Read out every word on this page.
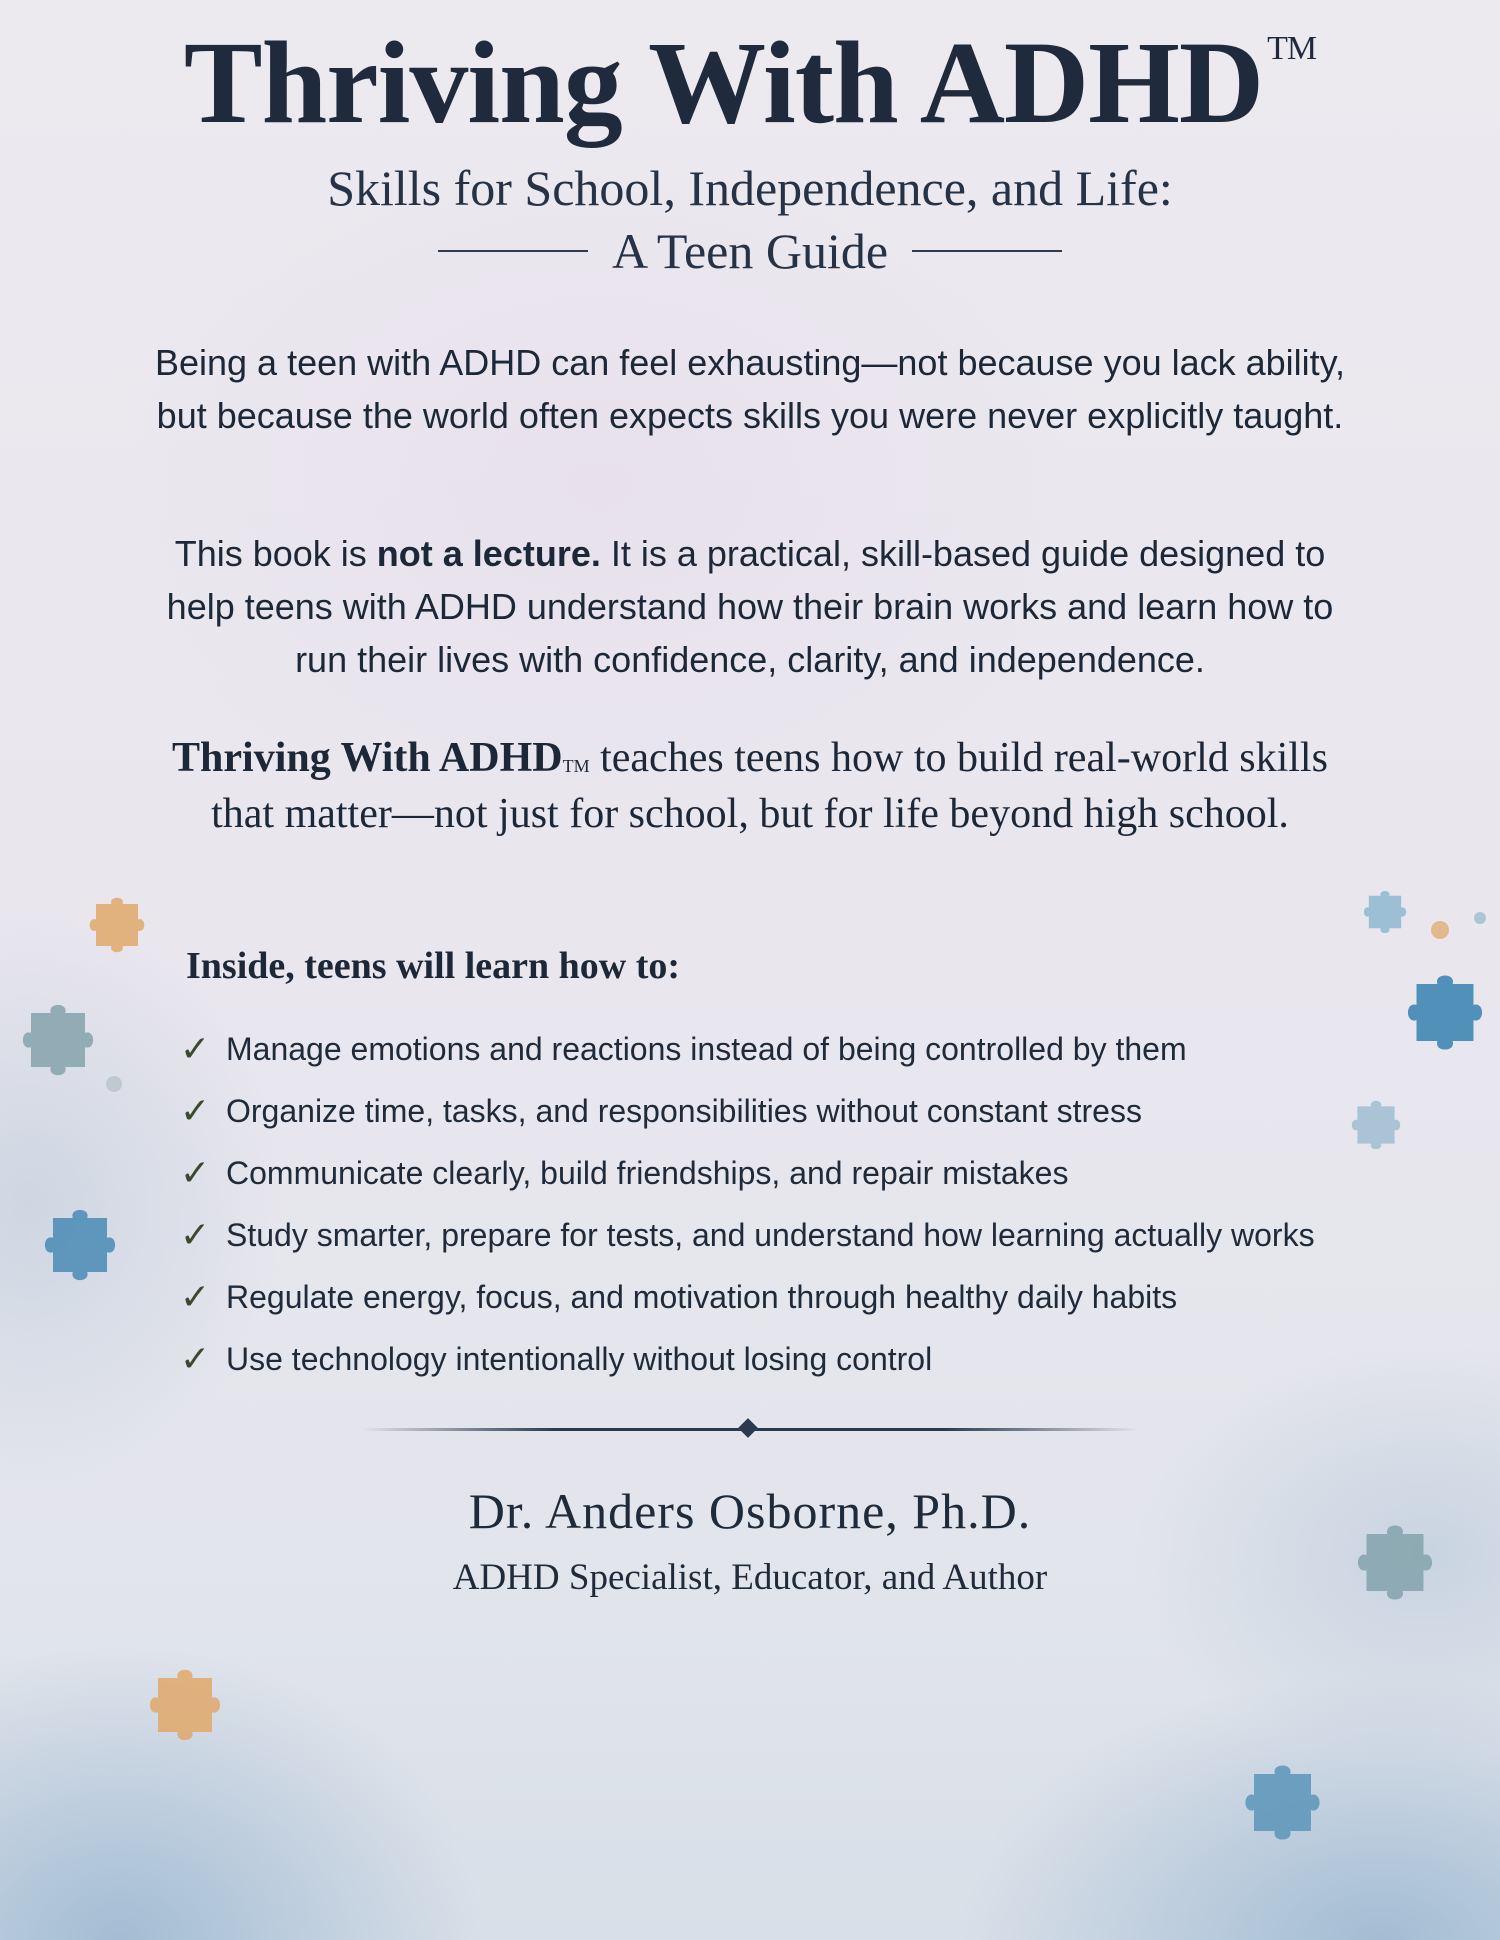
Thriving With ADHD ™
Skills for School, Independence, and Life:
A Teen Guide
Being a teen with ADHD can feel exhausting—not because you lack ability, but because the world often expects skills you were never explicitly taught.
This book is not a lecture. It is a practical, skill-based guide designed to help teens with ADHD understand how their brain works and learn how to run their lives with confidence, clarity, and independence.
Thriving With ADHD™ teaches teens how to build real-world skills that matter—not just for school, but for life beyond high school.
Inside, teens will learn how to:
✓ Manage emotions and reactions instead of being controlled by them
✓ Organize time, tasks, and responsibilities without constant stress
✓ Communicate clearly, build friendships, and repair mistakes
✓ Study smarter, prepare for tests, and understand how learning actually works
✓ Regulate energy, focus, and motivation through healthy daily habits
✓ Use technology intentionally without losing control
Dr. Anders Osborne, Ph.D.
ADHD Specialist, Educator, and Author
